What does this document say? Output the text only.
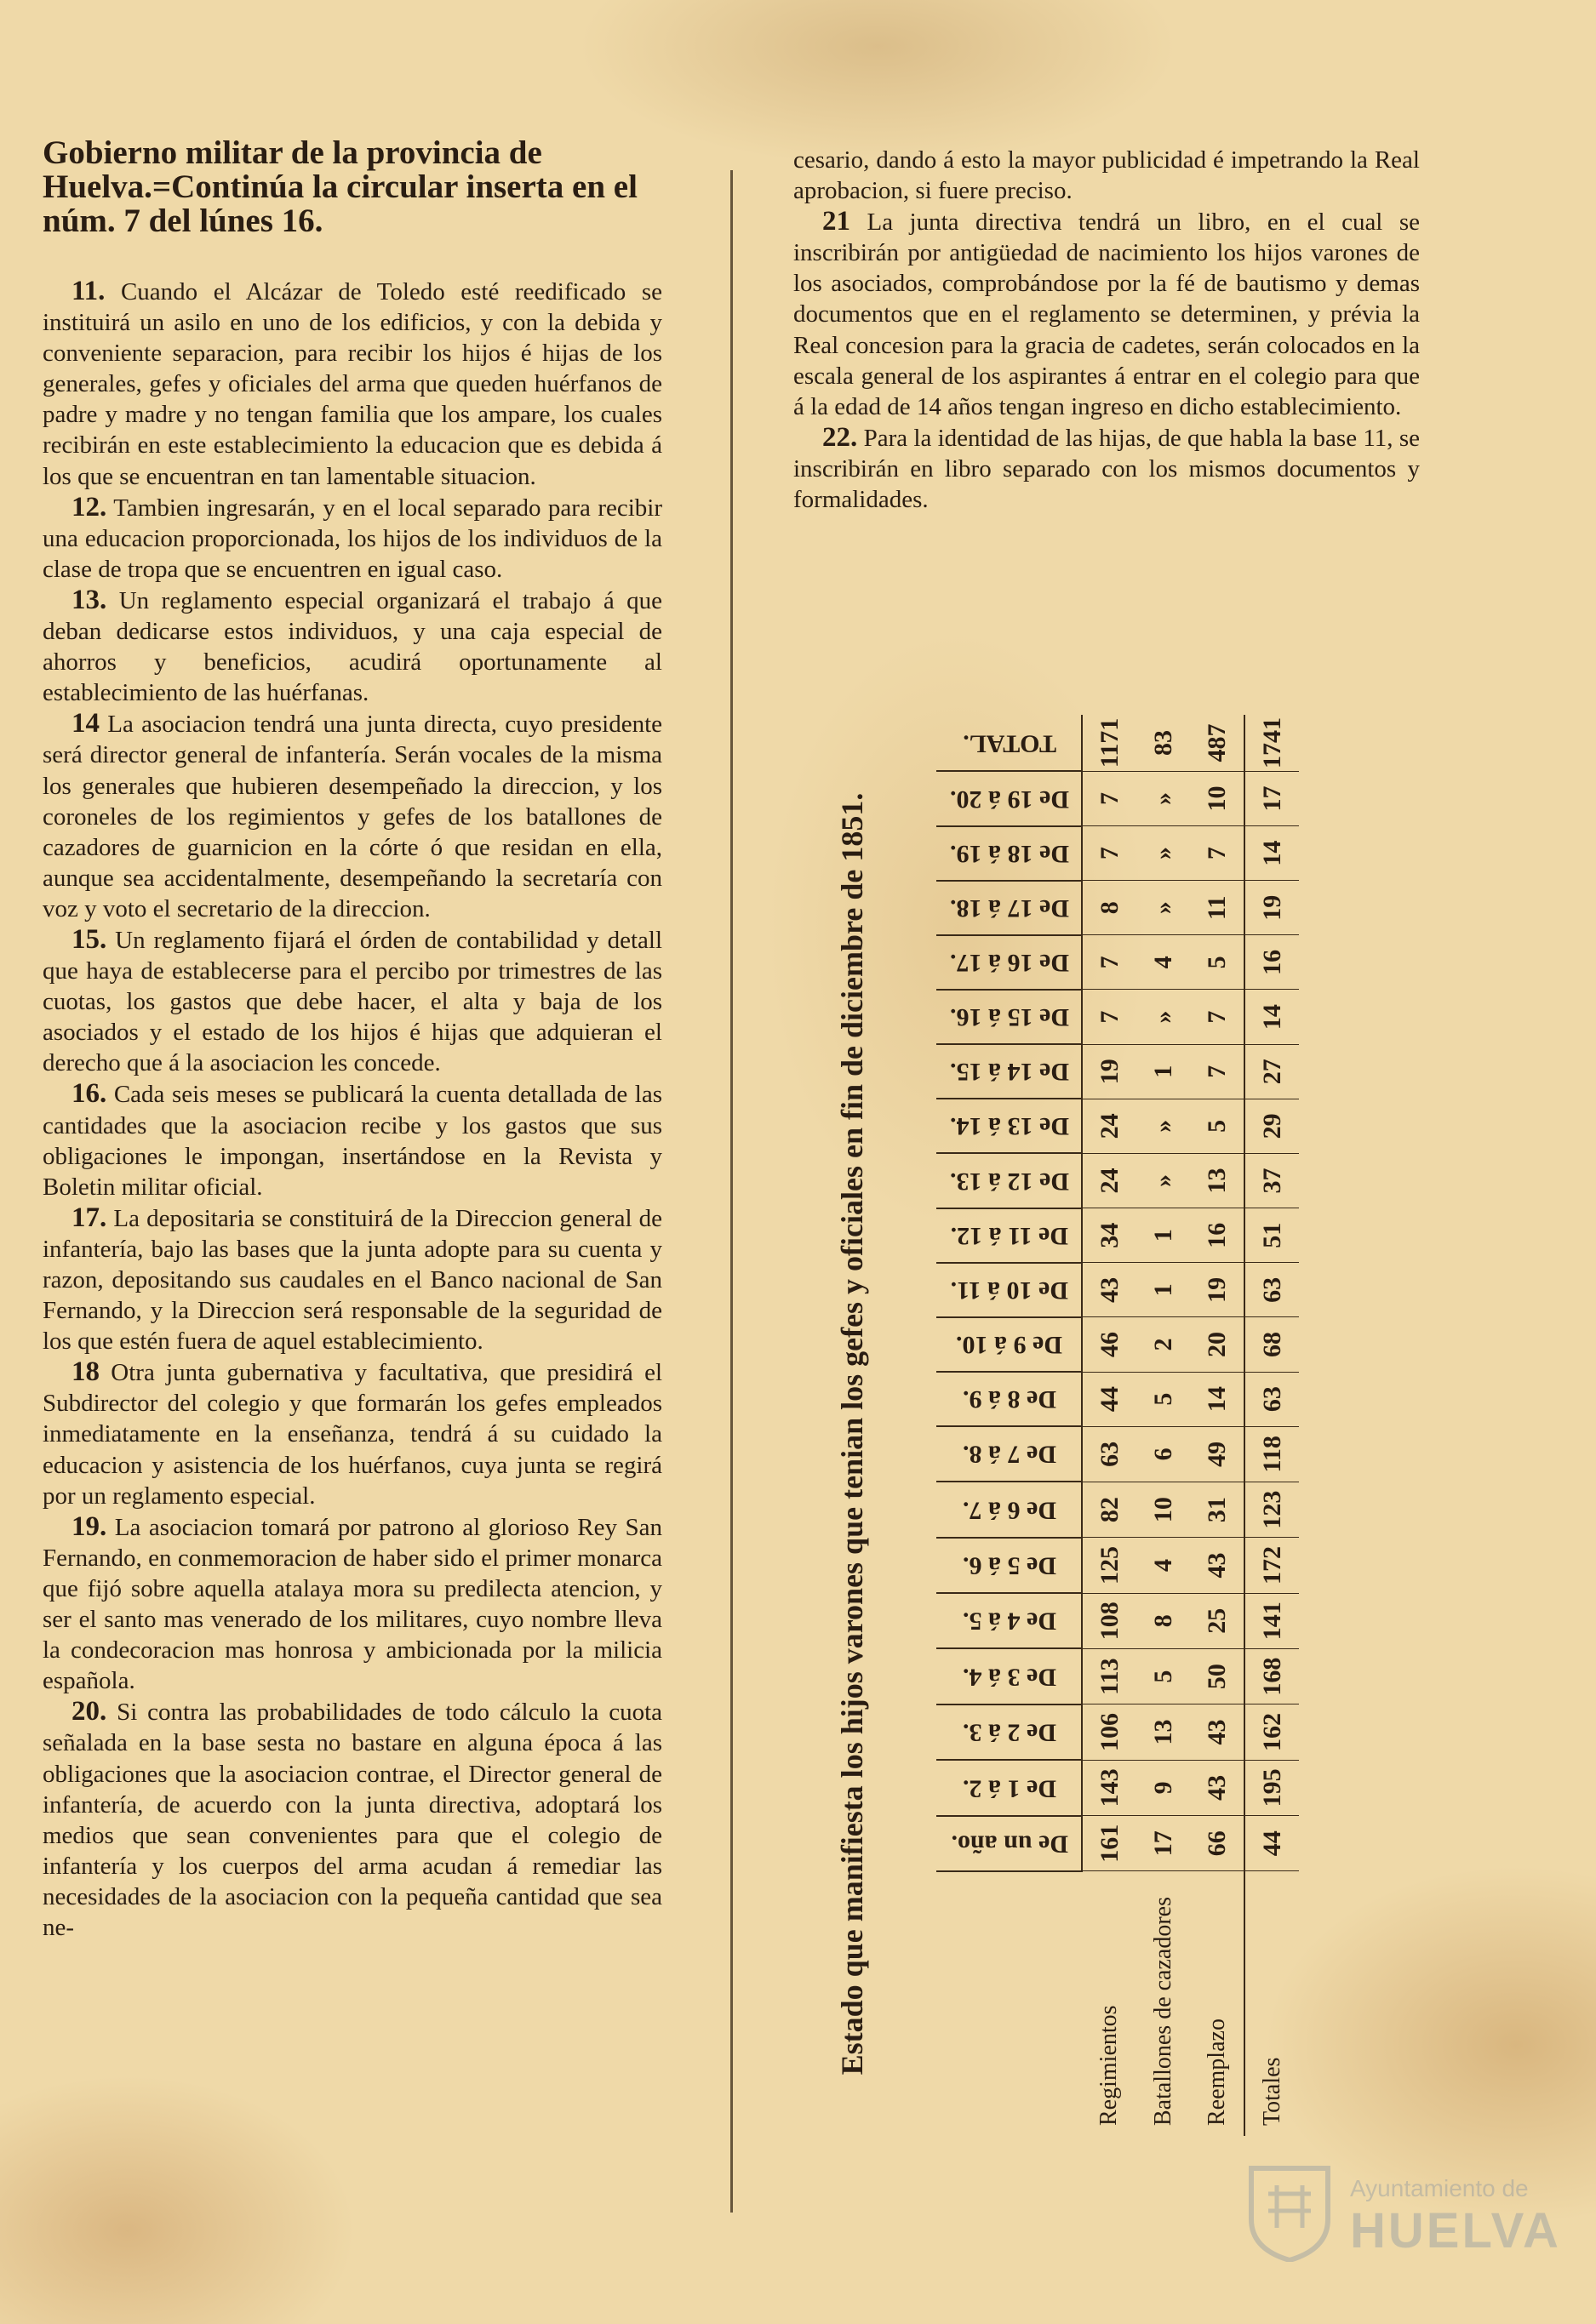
Gobierno militar de la provincia de Huelva.=Continúa la circular inserta en el núm. 7 del lúnes 16.

11. Cuando el Alcázar de Toledo esté reedificado se instituirá un asilo en uno de los edificios, y con la debida y conveniente separacion, para recibir los hijos é hijas de los generales, gefes y oficiales del arma que queden huérfanos de padre y madre y no tengan familia que los ampare, los cuales recibirán en este establecimiento la educacion que es debida á los que se encuentran en tan lamentable situacion.

12. Tambien ingresarán, y en el local separado para recibir una educacion proporcionada, los hijos de los individuos de la clase de tropa que se encuentren en igual caso.

13. Un reglamento especial organizará el trabajo á que deban dedicarse estos individuos, y una caja especial de ahorros y beneficios, acudirá oportunamente al establecimiento de las huérfanas.

14 La asociacion tendrá una junta directa, cuyo presidente será director general de infantería. Serán vocales de la misma los generales que hubieren desempeñado la direccion, y los coroneles de los regimientos y gefes de los batallones de cazadores de guarnicion en la córte ó que residan en ella, aunque sea accidentalmente, desempeñando la secretaría con voz y voto el secretario de la direccion.

15. Un reglamento fijará el órden de contabilidad y detall que haya de establecerse para el percibo por trimestres de las cuotas, los gastos que debe hacer, el alta y baja de los asociados y el estado de los hijos é hijas que adquieran el derecho que á la asociacion les concede.

16. Cada seis meses se publicará la cuenta detallada de las cantidades que la asociacion recibe y los gastos que sus obligaciones le impongan, insertándose en la Revista y Boletin militar oficial.

17. La depositaria se constituirá de la Direccion general de infantería, bajo las bases que la junta adopte para su cuenta y razon, depositando sus caudales en el Banco nacional de San Fernando, y la Direccion será responsable de la seguridad de los que estén fuera de aquel establecimiento.

18 Otra junta gubernativa y facultativa, que presidirá el Subdirector del colegio y que formarán los gefes empleados inmediatamente en la enseñanza, tendrá á su cuidado la educacion y asistencia de los huérfanos, cuya junta se regirá por un reglamento especial.

19. La asociacion tomará por patrono al glorioso Rey San Fernando, en conmemoracion de haber sido el primer monarca que fijó sobre aquella atalaya mora su predilecta atencion, y ser el santo mas venerado de los militares, cuyo nombre lleva la condecoracion mas honrosa y ambicionada por la milicia española.

20. Si contra las probabilidades de todo cálculo la cuota señalada en la base sesta no bastare en alguna época á las obligaciones que la asociacion contrae, el Director general de infantería, de acuerdo con la junta directiva, adoptará los medios que sean convenientes para que el colegio de infantería y los cuerpos del arma acudan á remediar las necesidades de la asociacion con la pequeña cantidad que sea ne-

cesario, dando á esto la mayor publicidad é impetrando la Real aprobacion, si fuere preciso.

21 La junta directiva tendrá un libro, en el cual se inscribirán por antigüedad de nacimiento los hijos varones de los asociados, comprobándose por la fé de bautismo y demas documentos que en el reglamento se determinen, y prévia la Real concesion para la gracia de cadetes, serán colocados en la escala general de los aspirantes á entrar en el colegio para que á la edad de 14 años tengan ingreso en dicho establecimiento.

22. Para la identidad de las hijas, de que habla la base 11, se inscribirán en libro separado con los mismos documentos y formalidades.

Estado que manifiesta los hijos varones que tenian los gefes y oficiales en fin de diciembre de 1851.
		De un año.	De 1 á 2.	De 2 á 3.	De 3 á 4.	De 4 á 5.	De 5 á 6.	De 6 á 7.	De 7 á 8.	De 8 á 9.	De 9 á 10.	De 10 á 11.	De 11 á 12.	De 12 á 13.	De 13 á 14.	De 14 á 15.	De 15 á 16.	De 16 á 17.	De 17 á 18.	De 18 á 19.	De 19 á 20.	TOTAL.
Regimientos	161	143	106	113	108	125	82	63	44	46	43	34	24	24	19	7	7	8	7	7	1171
Batallones de cazadores	17	9	13	5	8	4	10	6	5	2	1	1	»	»	1	»	4	»	»	»	83
Reemplazo	66	43	43	50	25	43	31	49	14	20	19	16	13	5	7	7	5	11	7	10	487
Totales	44	195	162	168	141	172	123	118	63	68	63	51	37	29	27	14	16	19	14	17	1741
Ayuntamiento de
HUELVA
